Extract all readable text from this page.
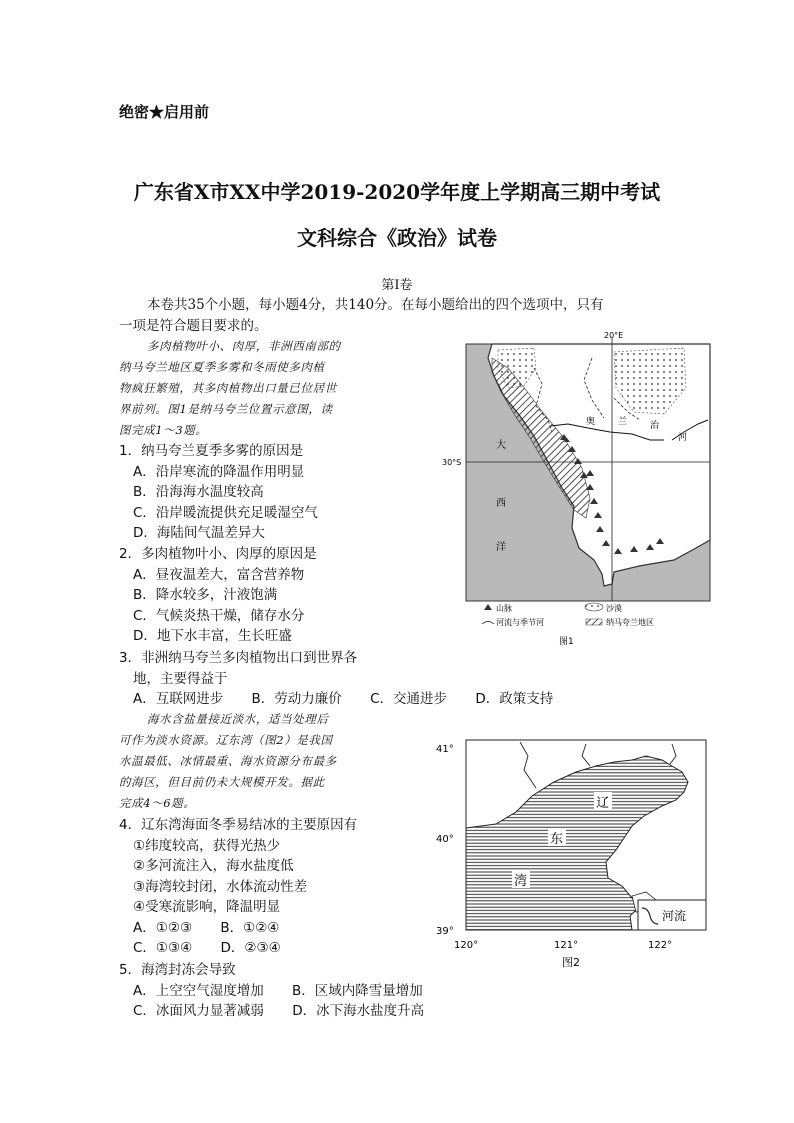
绝密★启用前
广东省X市XX中学2019-2020学年度上学期高三期中考试
文科综合《政治》试卷
第I卷

本卷共35个小题，每小题4分，共140分。在每小题给出的四个选项中，只有

一项是符合题目要求的。

多肉植物叶小、肉厚，非洲西南部的
纳马夸兰地区夏季多雾和冬雨使多肉植
物疯狂繁殖，其多肉植物出口量已位居世
界前列。图1是纳马夸兰位置示意图，读
图完成1～3题。
1．纳马夸兰夏季多雾的原因是
A．沿岸寒流的降温作用明显
B．沿海海水温度较高
C．沿岸暖流提供充足暖湿空气
D．海陆间气温差异大
2．多肉植物叶小、肉厚的原因是
A．昼夜温差大，富含营养物
B．降水较多，汁液饱满
C．气候炎热干燥，储存水分
D．地下水丰富，生长旺盛
3．非洲纳马夸兰多肉植物出口到世界各
地，主要得益于
A．互联网进步 B．劳动力廉价 C．交通进步 D．政策支持
海水含盐量接近淡水，适当处理后
可作为淡水资源。辽东湾（图2）是我国
水温最低、冰情最重、海水资源分布最多
的海区，但目前仍未大规模开发。据此
完成4～6题。
4．辽东湾海面冬季易结冰的主要原因有
①纬度较高，获得光热少
②多河流注入，海水盐度低
③海湾较封闭，水体流动性差
④受寒流影响，降温明显
A．①②③ B．①②④
C．①③④ D．②③④
5．海湾封冻会导致
A．上空空气湿度增加 B．区域内降雪量增加
C．冰面风力显著减弱 D．冰下海水盐度升高
20°E
30°S
大
西
洋
奥	兰	治
河
山脉	沙漠
河流与季节河	纳马夸兰地区
图1
41°
40°
39°
120°	121°	122°
辽
东
湾
河流
图2
